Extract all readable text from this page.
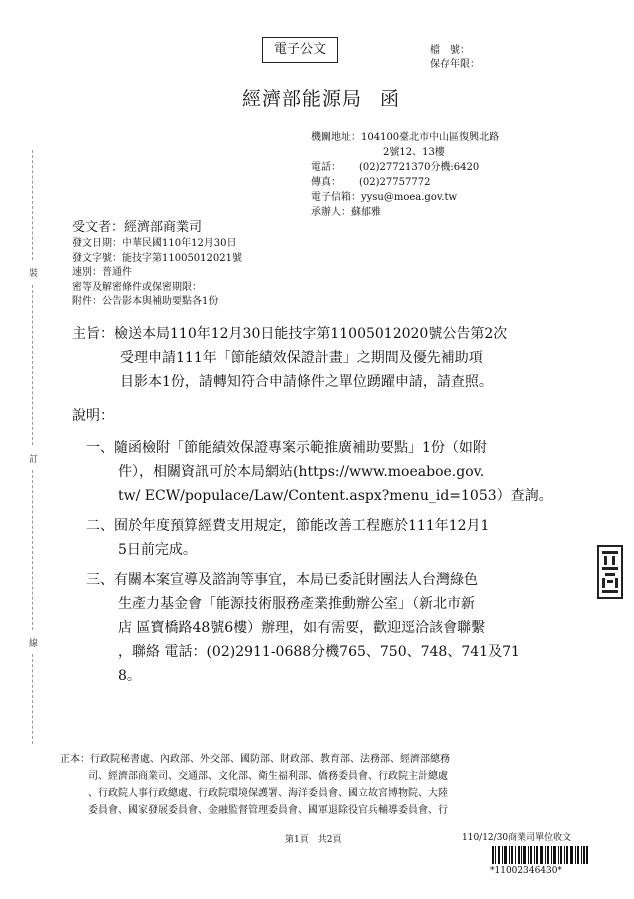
電子公文	檔　號：
保存年限：
經濟部能源局 函
機關地址： 104100臺北市中山區復興北路
2號12、13樓
電話：	(02)27721370分機:6420
傳真：	(02)27757772
電子信箱： yysu@moea.gov.tw
承辦人： 蘇郁雅
受文者：經濟部商業司
發文日期：中華民國110年12月30日
發文字號：能技字第11005012021號
速別：普通件
密等及解密條件或保密期限：
附件：公告影本與補助要點各1份
主旨：檢送本局110年12月30日能技字第11005012020號公告第2次
受理申請111年「節能績效保證計畫」之期間及優先補助項
目影本1份，請轉知符合申請條件之單位踴躍申請，請查照。
說明：
一、隨函檢附「節能績效保證專案示範推廣補助要點」1份（如附
件），相關資訊可於本局網站(https://www.moeaboe.gov.
tw/ ECW/populace/Law/Content.aspx?menu_id=1053）查詢。
二、囿於年度預算經費支用規定，節能改善工程應於111年12月1
5日前完成。
三、有關本案宣導及諮詢等事宜，本局已委託財團法人台灣綠色
生產力基金會「能源技術服務產業推動辦公室」（新北市新
店 區寶橋路48號6樓）辦理，如有需要，歡迎逕洽該會聯繫
，聯絡 電話：(02)2911-0688分機765、750、748、741及71
8。
正本：行政院秘書處、內政部、外交部、國防部、財政部、教育部、法務部、經濟部總務
司、經濟部商業司、交通部、文化部、衛生福利部、僑務委員會、行政院主計總處
、行政院人事行政總處、行政院環境保護署、海洋委員會、國立故宮博物院、大陸
委員會、國家發展委員會、金融監督管理委員會、國軍退除役官兵輔導委員會、行
第1頁　共2頁	110/12/30商業司單位收文
*11002346430*
裝
訂
線
